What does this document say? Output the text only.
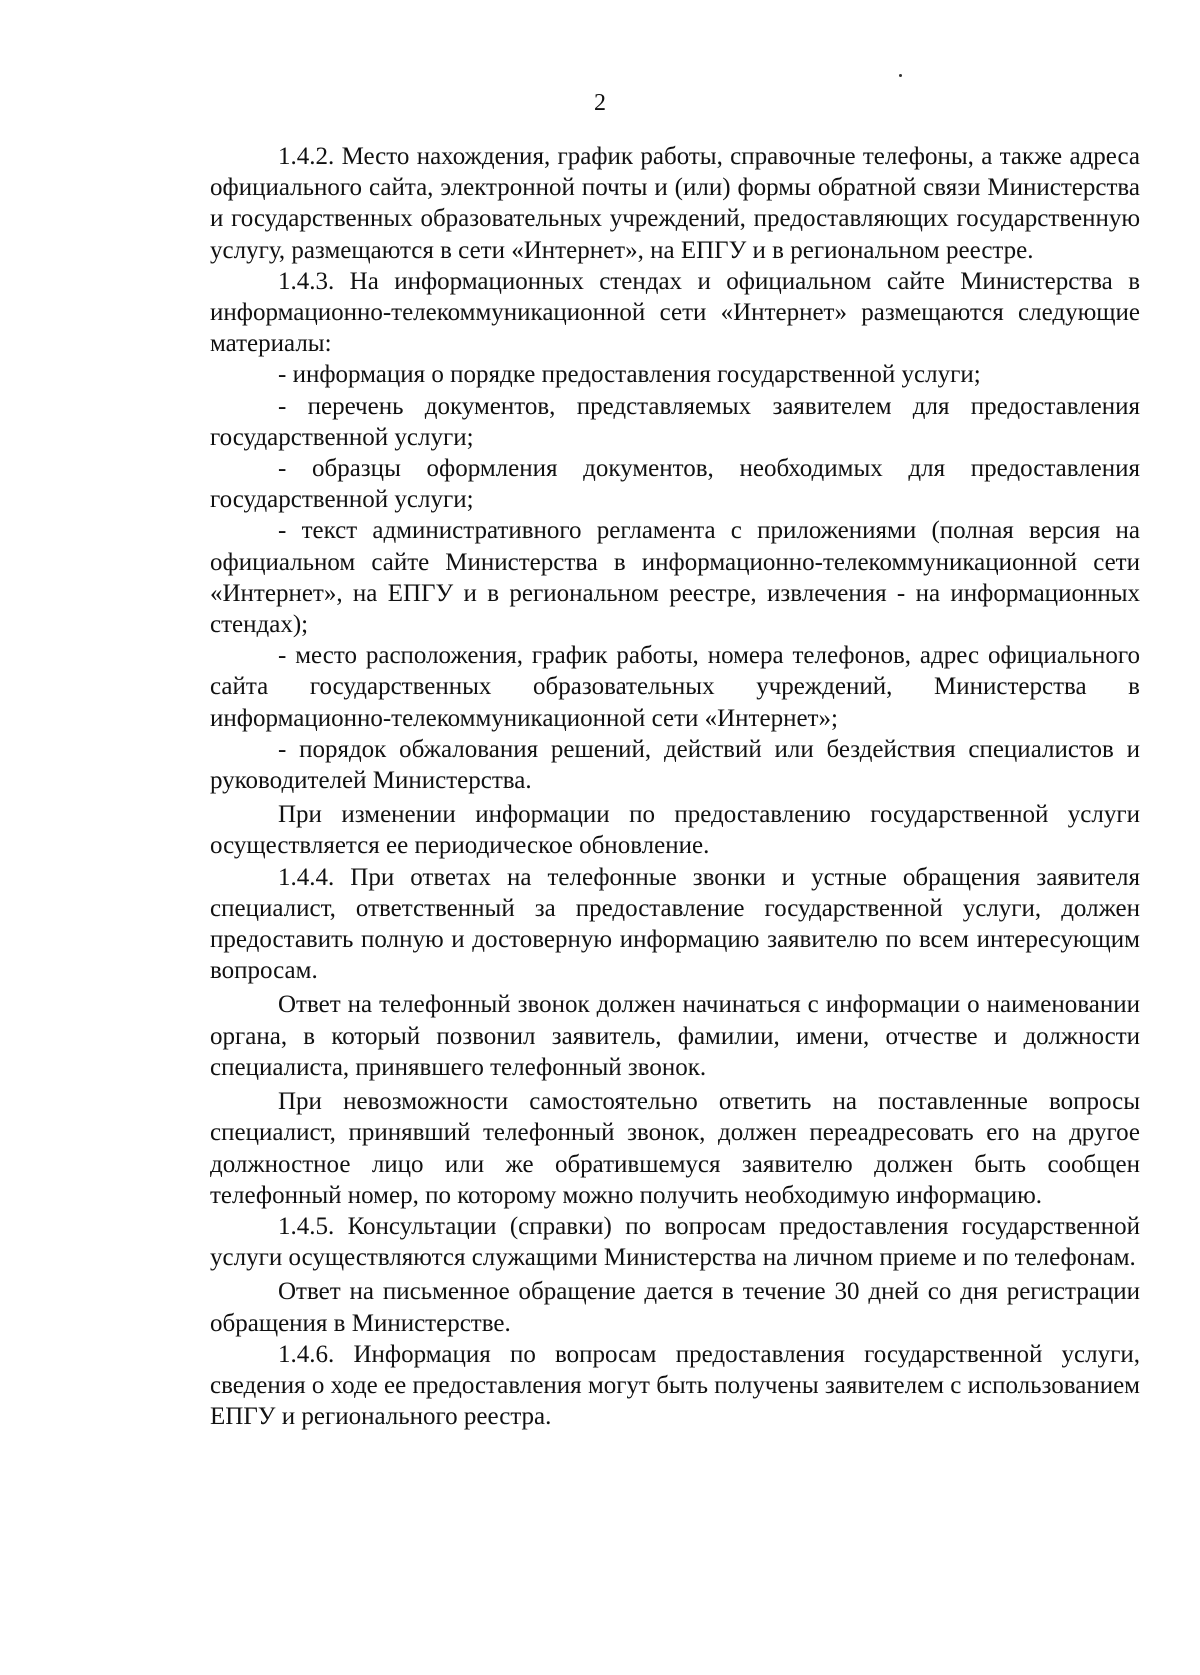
2

1.4.2. Место нахождения, график работы, справочные телефоны, а также адреса официального сайта, электронной почты и (или) формы обратной связи Министерства и государственных образовательных учреждений, предоставляющих государственную услугу, размещаются в сети «Интернет», на ЕПГУ и в региональном реестре.

1.4.3. На информационных стендах и официальном сайте Министерства в информационно-телекоммуникационной сети «Интернет» размещаются следующие материалы:

- информация о порядке предоставления государственной услуги;

- перечень документов, представляемых заявителем для предоставления государственной услуги;

- образцы оформления документов, необходимых для предоставления государственной услуги;

- текст административного регламента с приложениями (полная версия на официальном сайте Министерства в информационно-телекоммуникационной сети «Интернет», на ЕПГУ и в региональном реестре, извлечения - на информационных стендах);

- место расположения, график работы, номера телефонов, адрес официального сайта государственных образовательных учреждений, Министерства в информационно-телекоммуникационной сети «Интернет»;

- порядок обжалования решений, действий или бездействия специалистов и руководителей Министерства.

При изменении информации по предоставлению государственной услуги осуществляется ее периодическое обновление.

1.4.4. При ответах на телефонные звонки и устные обращения заявителя специалист, ответственный за предоставление государственной услуги, должен предоставить полную и достоверную информацию заявителю по всем интересующим вопросам.

Ответ на телефонный звонок должен начинаться с информации о наименовании органа, в который позвонил заявитель, фамилии, имени, отчестве и должности специалиста, принявшего телефонный звонок.

При невозможности самостоятельно ответить на поставленные вопросы специалист, принявший телефонный звонок, должен переадресовать его на другое должностное лицо или же обратившемуся заявителю должен быть сообщен телефонный номер, по которому можно получить необходимую информацию.

1.4.5. Консультации (справки) по вопросам предоставления государственной услуги осуществляются служащими Министерства на личном приеме и по телефонам.

Ответ на письменное обращение дается в течение 30 дней со дня регистрации обращения в Министерстве.

1.4.6. Информация по вопросам предоставления государственной услуги, сведения о ходе ее предоставления могут быть получены заявителем с использованием ЕПГУ и регионального реестра.
